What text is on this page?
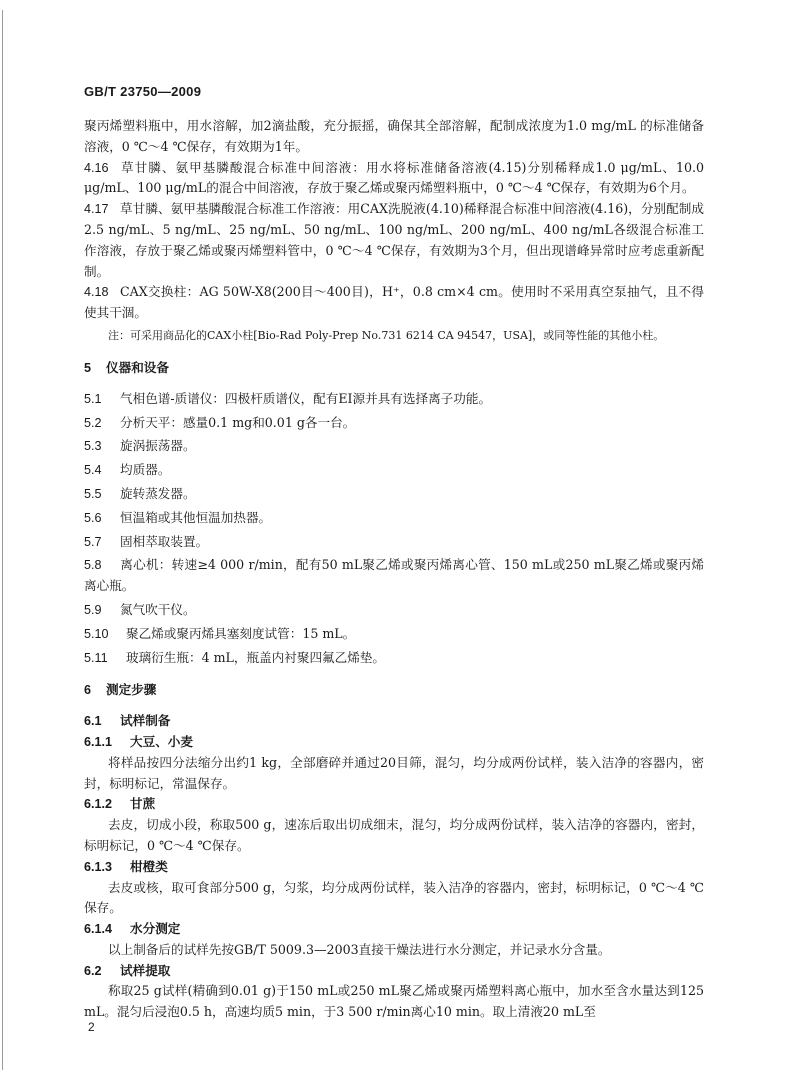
GB/T 23750—2009

聚丙烯塑料瓶中，用水溶解，加2滴盐酸，充分振摇，确保其全部溶解，配制成浓度为1.0 mg/mL 的标准储备溶液，0 ℃～4 ℃保存，有效期为1年。

4.16 草甘膦、氨甲基膦酸混合标准中间溶液：用水将标准储备溶液(4.15)分别稀释成1.0 μg/mL、10.0 μg/mL、100 μg/mL的混合中间溶液，存放于聚乙烯或聚丙烯塑料瓶中，0 ℃～4 ℃保存，有效期为6个月。

4.17 草甘膦、氨甲基膦酸混合标准工作溶液：用CAX洗脱液(4.10)稀释混合标准中间溶液(4.16)，分别配制成2.5 ng/mL、5 ng/mL、25 ng/mL、50 ng/mL、100 ng/mL、200 ng/mL、400 ng/mL各级混合标准工作溶液，存放于聚乙烯或聚丙烯塑料管中，0 ℃～4 ℃保存，有效期为3个月，但出现谱峰异常时应考虑重新配制。

4.18 CAX交换柱：AG 50W-X8(200目～400目)，H⁺，0.8 cm×4 cm。使用时不采用真空泵抽气，且不得使其干涸。

注：可采用商品化的CAX小柱[Bio-Rad Poly-Prep No.731 6214 CA 94547，USA]，或同等性能的其他小柱。

5 仪器和设备

5.1 气相色谱-质谱仪：四极杆质谱仪，配有EI源并具有选择离子功能。

5.2 分析天平：感量0.1 mg和0.01 g各一台。

5.3 旋涡振荡器。

5.4 均质器。

5.5 旋转蒸发器。

5.6 恒温箱或其他恒温加热器。

5.7 固相萃取装置。

5.8 离心机：转速≥4 000 r/min，配有50 mL聚乙烯或聚丙烯离心管、150 mL或250 mL聚乙烯或聚丙烯离心瓶。

5.9 氮气吹干仪。

5.10 聚乙烯或聚丙烯具塞刻度试管：15 mL。

5.11 玻璃衍生瓶：4 mL，瓶盖内衬聚四氟乙烯垫。

6 测定步骤

6.1 试样制备

6.1.1 大豆、小麦

将样品按四分法缩分出约1 kg，全部磨碎并通过20目筛，混匀，均分成两份试样，装入洁净的容器内，密封，标明标记，常温保存。

6.1.2 甘蔗

去皮，切成小段，称取500 g，速冻后取出切成细末，混匀，均分成两份试样，装入洁净的容器内，密封，标明标记，0 ℃～4 ℃保存。

6.1.3 柑橙类

去皮或核，取可食部分500 g，匀浆，均分成两份试样，装入洁净的容器内，密封，标明标记，0 ℃～4 ℃保存。

6.1.4 水分测定

以上制备后的试样先按GB/T 5009.3—2003直接干燥法进行水分测定，并记录水分含量。

6.2 试样提取

称取25 g试样(精确到0.01 g)于150 mL或250 mL聚乙烯或聚丙烯塑料离心瓶中，加水至含水量达到125 mL。混匀后浸泡0.5 h，高速均质5 min，于3 500 r/min离心10 min。取上清液20 mL至

2
